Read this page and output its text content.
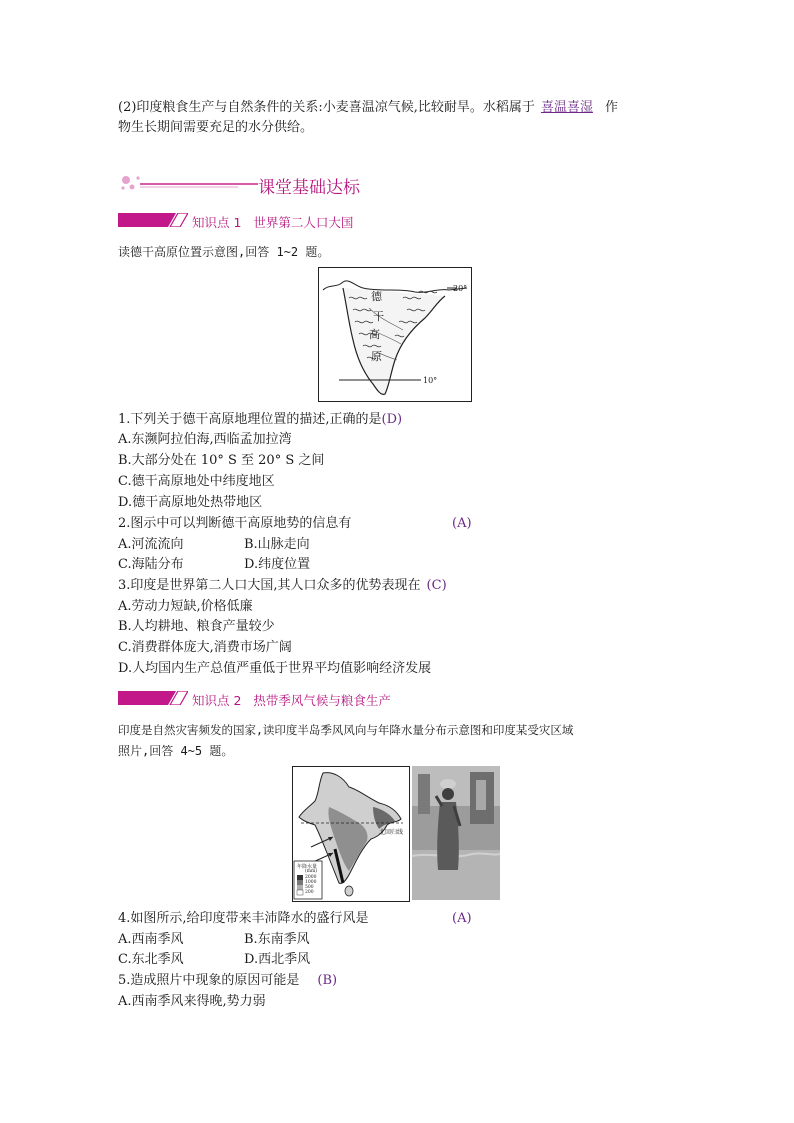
(2)印度粮食生产与自然条件的关系:小麦喜温凉气候,比较耐旱。水稻属于 喜温喜湿 作
物生长期间需要充足的水分供给。
课堂基础达标
知识点 1 世界第二人口大国
读德干高原位置示意图,回答 1~2 题。
德
干
高
原
20°
10°
1.下列关于德干高原地理位置的描述,正确的是(D)
A.东濒阿拉伯海,西临孟加拉湾
B.大部分处在 10° S 至 20° S 之间
C.德干高原地处中纬度地区
D.德干高原地处热带地区
2.图示中可以判断德干高原地势的信息有	(A)
A.河流流向	B.山脉走向
C.海陆分布	D.纬度位置
3.印度是世界第二人口大国,其人口众多的优势表现在 (C)
A.劳动力短缺,价格低廉
B.人均耕地、粮食产量较少
C.消费群体庞大,消费市场广阔
D.人均国内生产总值严重低于世界平均值影响经济发展
知识点 2 热带季风气候与粮食生产
印度是自然灾害频发的国家,读印度半岛季风风向与年降水量分布示意图和印度某受灾区域
照片,回答 4~5 题。
北回归线
年降水量
(mm)
2000
1000
500
200
4.如图所示,给印度带来丰沛降水的盛行风是	(A)
A.西南季风	B.东南季风
C.东北季风	D.西北季风
5.造成照片中现象的原因可能是 (B)
A.西南季风来得晚,势力弱
